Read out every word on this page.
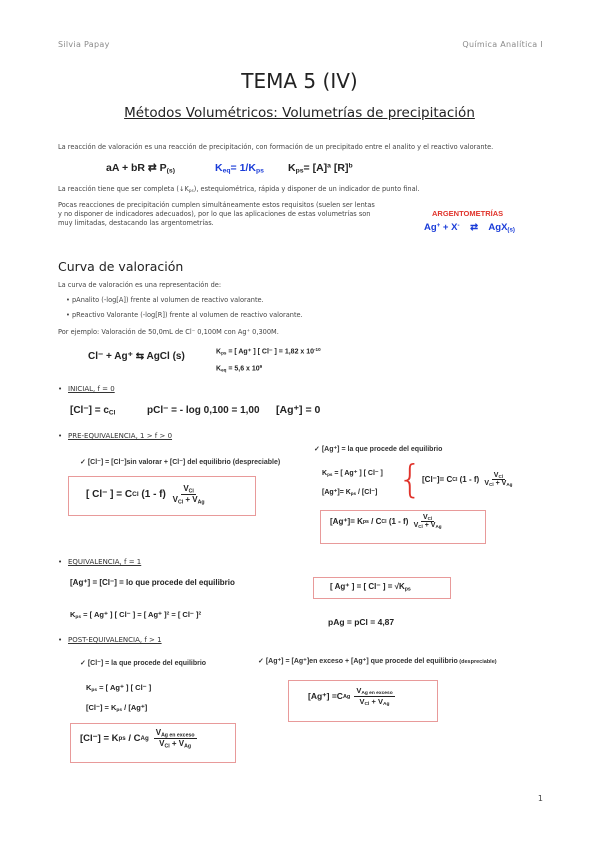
Silvia Papay	Química Analítica I
TEMA 5 (IV)
Métodos Volumétricos: Volumetrías de precipitación
La reacción de valoración es una reacción de precipitación, con formación de un precipitado entre el analito y el reactivo valorante.
aA + bR ⇄ $P_{(s)}$	$K_{eq}= 1/K_{ps}$ $K_{ps}= [A]^a$ $[R]^b$
La reacción tiene que ser completa $(↓K_{ps})$, estequiométrica, rápida y disponer de un indicador de punto final.
Pocas reacciones de precipitación cumplen simultáneamente estos requisitos (suelen ser lentas
y no disponer de indicadores adecuados), por lo que las aplicaciones de estas volumetrías son
muy limitadas, destacando las argentometrías.
ARGENTOMETRÍAS
Ag+ + X- ⇄ AgX$_{(s)}$
Curva de valoración
La curva de valoración es una representación de:
• pAnalito (-log[A]) frente al volumen de reactivo valorante.
• pReactivo Valorante (-log[R]) frente al volumen de reactivo valorante.
Por ejemplo: Valoración de 50,0mL de Cl⁻ 0,100M con Ag⁺ 0,300M.
Cl⁻ + Ag⁺ ⇆ AgCl (s)	$K_{ps}$ = [ Ag⁺ ] [ Cl⁻ ] = 1,82 x $10^{-10}$
$K_{eq} = 5,6$ x $10^9$
• INICIAL, f = 0
$[Cl^-] = c_{Cl}$	pCl⁻ = - log 0,100 = 1,00 [Ag⁺] = 0
• PRE-EQUIVALENCIA, 1 > f > 0
✓ [Cl⁻] = [Cl⁻]sin valorar + [Cl⁻] del equilibrio (despreciable)
[ Cl⁻ ] = C Cl $(1 - f) \frac{V_{Cl}}{V_{Cl} + V_{Ag}}$
✓ [Ag⁺] = la que procede del equilibrio
$K_{ps}$ = [ Ag⁺ ] [ Cl⁻ ]
$[Ag^+]= K_{ps} / [Cl^-]$ { [Cl⁻]= C Cl $(1 - f) \frac{V_{Cl}}{V_{Cl} + V_{Ag}}$
[Ag⁺]= K ps / C Cl $(1 - f) \frac{V_{Cl}}{V_{Cl} + V_{Ag}}$
• EQUIVALENCIA, f = 1
[Ag⁺] = [Cl⁻] = lo que procede del equilibrio	[ Ag⁺ ] = [ Cl⁻ ] = $√K_{ps}$
$K_{ps}$ = [ Ag⁺ ] [ Cl⁻ ] = [ Ag⁺ ]$^2$ = [ Cl⁻ ]$^2$
pAg = pCl = 4,87
• POST-EQUIVALENCIA, f > 1
✓ [Cl⁻] = la que procede del equilibrio
$K_{ps}$ = [ Ag⁺ ] [ Cl⁻ ]
$[Cl^-] = K_{ps} / [Ag^+]$
[Cl⁻] = K ps / C Ag $\frac{V_{Ag en exceso}}{V_{Cl} + V_{Ag}}$
✓ [Ag⁺] = [Ag⁺]en exceso + [Ag⁺] que procede del equilibrio (despreciable)
[Ag⁺] =C Ag $\frac{V_{Ag en exceso}}{V_{Cl} + V_{Ag}}$
1
